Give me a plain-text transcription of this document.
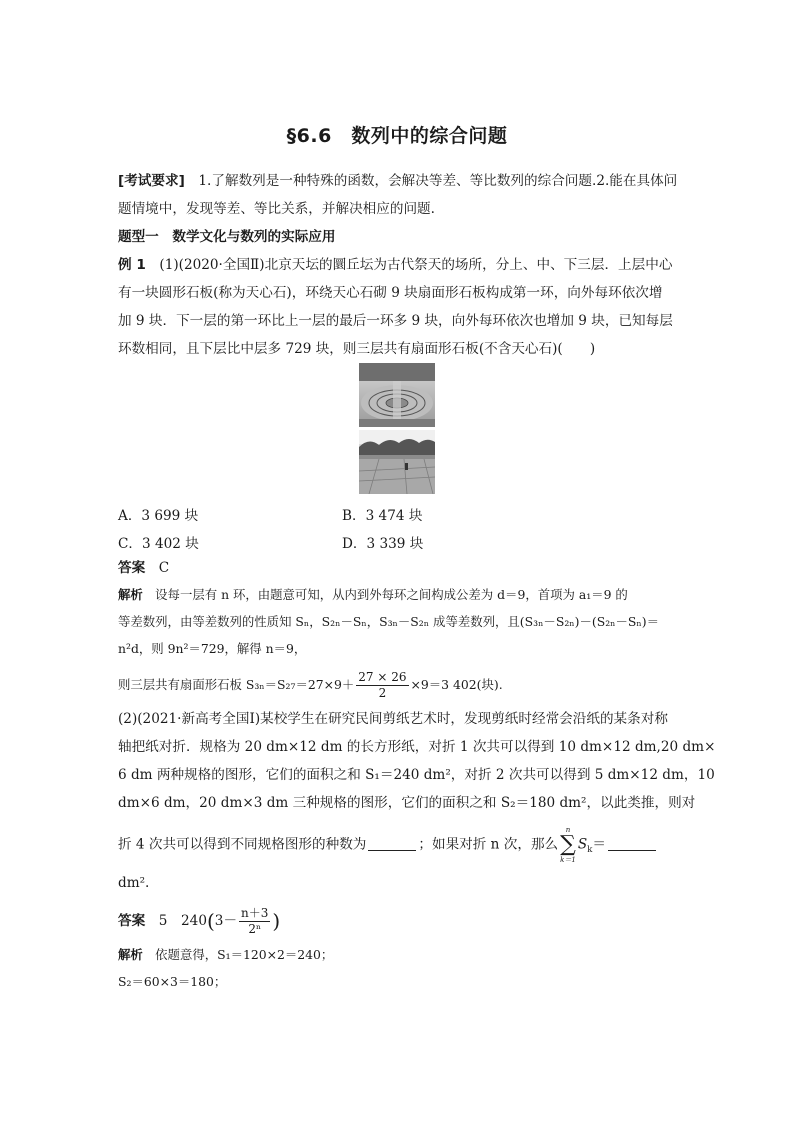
§6.6　数列中的综合问题
[考试要求]　1.了解数列是一种特殊的函数，会解决等差、等比数列的综合问题.2.能在具体问
题情境中，发现等差、等比关系，并解决相应的问题.
题型一　数学文化与数列的实际应用
例 1　(1)(2020·全国Ⅱ)北京天坛的圜丘坛为古代祭天的场所，分上、中、下三层．上层中心
有一块圆形石板(称为天心石)，环绕天心石砌 9 块扇面形石板构成第一环，向外每环依次增
加 9 块．下一层的第一环比上一层的最后一环多 9 块，向外每环依次也增加 9 块，已知每层
环数相同，且下层比中层多 729 块，则三层共有扇面形石板(不含天心石)(　　)
A．3 699 块	B．3 474 块
C．3 402 块	D．3 339 块
答案　C
解析　设每一层有 n 环，由题意可知，从内到外每环之间构成公差为 d＝9，首项为 a₁＝9 的
等差数列，由等差数列的性质知 Sₙ，S₂ₙ－Sₙ，S₃ₙ－S₂ₙ 成等差数列，且(S₃ₙ－S₂ₙ)－(S₂ₙ－Sₙ)＝
n²d，则 9n²＝729，解得 n＝9，
则三层共有扇面形石板 $S_{3n}=S_{27}=27\times 9+ \frac{27 \times 26}{2} \times 9=3$ 402(块).
(2)(2021·新高考全国Ⅰ)某校学生在研究民间剪纸艺术时，发现剪纸时经常会沿纸的某条对称
轴把纸对折．规格为 20 dm×12 dm 的长方形纸，对折 1 次共可以得到 10 dm×12 dm,20 dm×
6 dm 两种规格的图形，它们的面积之和 S₁＝240 dm²，对折 2 次共可以得到 5 dm×12 dm，10
dm×6 dm，20 dm×3 dm 三种规格的图形，它们的面积之和 S₂＝180 dm²，以此类推，则对
折 4 次共可以得到不同规格图形的种数为	；如果对折 n 次，那么
n
∑
k＝1
$S_k=$
dm².
答案　5　$240(3- \frac{n+3}{\text{2ⁿ}}$ )
解析　依题意得，S₁＝120×2＝240；
S₂＝60×3＝180；
